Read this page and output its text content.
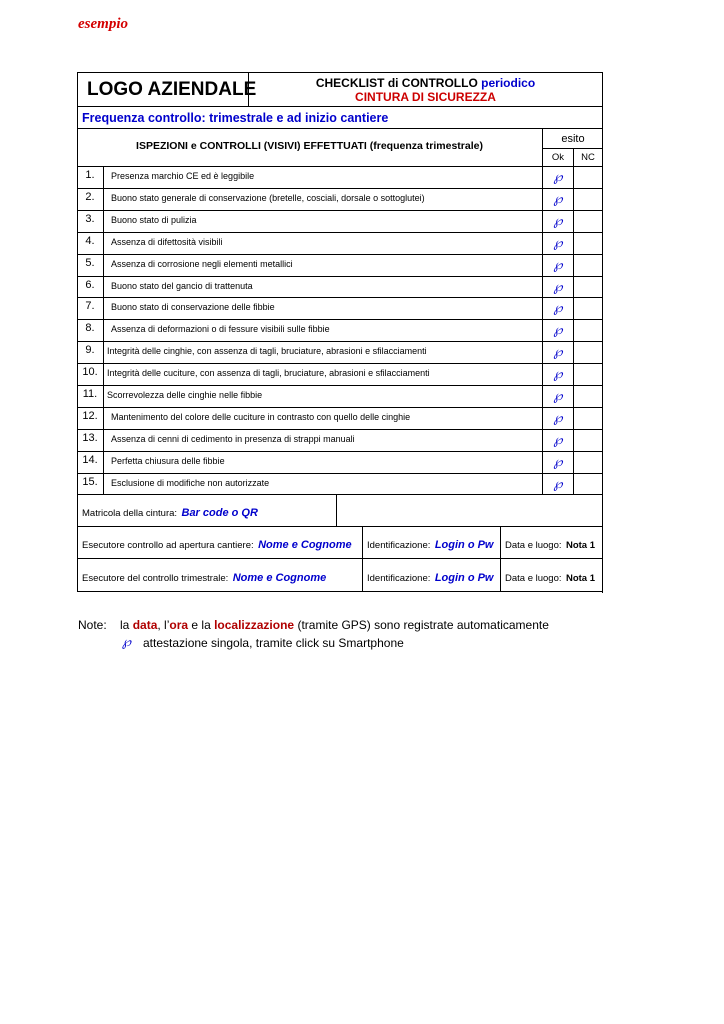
esempio
LOGO AZIENDALE	CHECKLIST di CONTROLLO periodico
CINTURA DI SICUREZZA
Frequenza controllo: trimestrale e ad inizio cantiere
ISPEZIONI e CONTROLLI (VISIVI) EFFETTUATI (frequenza trimestrale)
esito
Ok	NC
1.	Presenza marchio CE ed è leggibile	℘
2.	Buono stato generale di conservazione (bretelle, cosciali, dorsale o sottoglutei)	℘
3.	Buono stato di pulizia	℘
4.	Assenza di difettosità visibili	℘
5.	Assenza di corrosione negli elementi metallici	℘
6.	Buono stato del gancio di trattenuta	℘
7.	Buono stato di conservazione delle fibbie	℘
8.	Assenza di deformazioni o di fessure visibili sulle fibbie	℘
9.	Integrità delle cinghie, con assenza di tagli, bruciature, abrasioni e sfilacciamenti	℘
10.	Integrità delle cuciture, con assenza di tagli, bruciature, abrasioni e sfilacciamenti	℘
11.	Scorrevolezza delle cinghie nelle fibbie	℘
12.	Mantenimento del colore delle cuciture in contrasto con quello delle cinghie	℘
13.	Assenza di cenni di cedimento in presenza di strappi manuali	℘
14.	Perfetta chiusura delle fibbie	℘
15.	Esclusione di modifiche non autorizzate	℘
Matricola della cintura: Bar code o QR
Esecutore controllo ad apertura cantiere: Nome e Cognome Identificazione: Login o Pw Data e luogo: Nota 1
Esecutore del controllo trimestrale: Nome e Cognome	Identificazione: Login o Pw Data e luogo: Nota 1
Note: la data, l’ora e la localizzazione (tramite GPS) sono registrate automaticamente
℘ attestazione singola, tramite click su Smartphone
